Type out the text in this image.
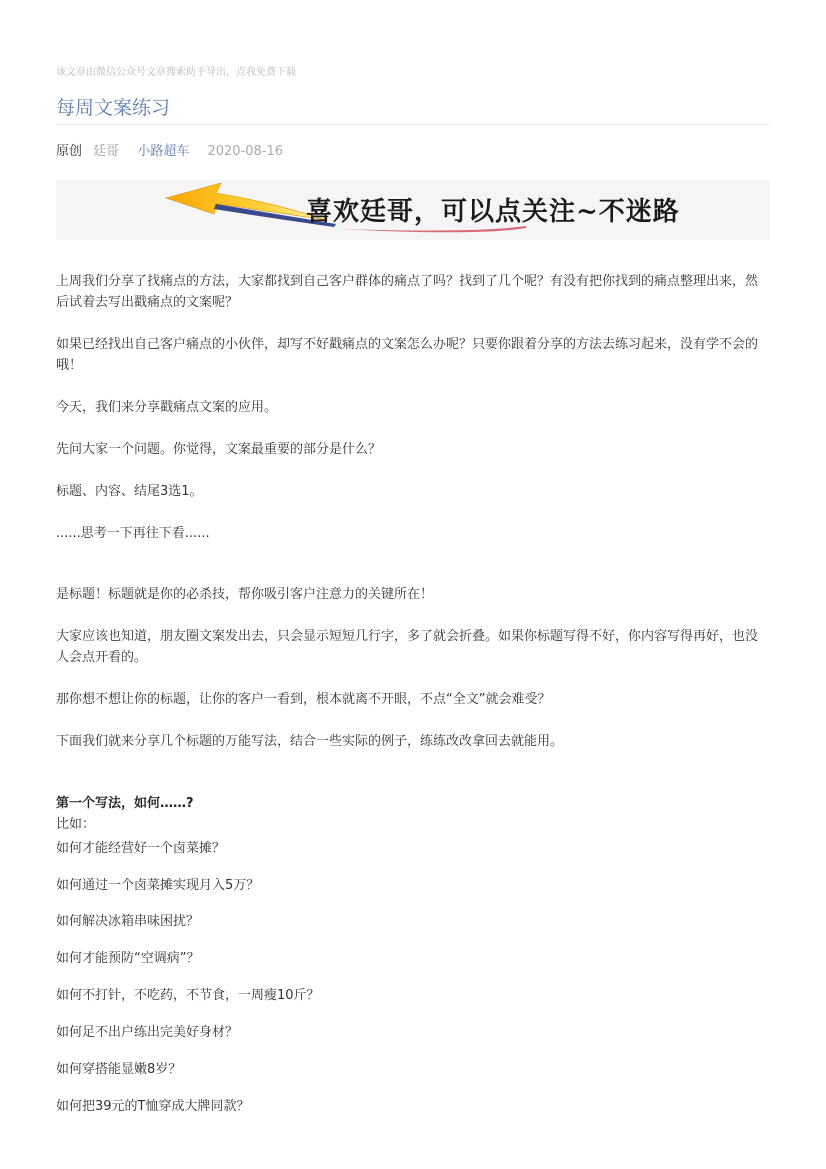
该文章由微信公众号文章搜索助手导出，点我免费下载
每周文案练习
原创 廷哥 小路超车 2020-08-16
喜欢廷哥，可以点关注~不迷路
上周我们分享了找痛点的方法，大家都找到自己客户群体的痛点了吗？找到了几个呢？有没有把你找到的痛点整理出来，然后试着去写出戳痛点的文案呢？
如果已经找出自己客户痛点的小伙伴，却写不好戳痛点的文案怎么办呢？只要你跟着分享的方法去练习起来，没有学不会的哦！
今天，我们来分享戳痛点文案的应用。
先问大家一个问题。你觉得，文案最重要的部分是什么？
标题、内容、结尾3选1。
......思考一下再往下看......
是标题！标题就是你的必杀技，帮你吸引客户注意力的关键所在！
大家应该也知道，朋友圈文案发出去，只会显示短短几行字，多了就会折叠。如果你标题写得不好，你内容写得再好，也没人会点开看的。
那你想不想让你的标题，让你的客户一看到，根本就离不开眼，不点“全文”就会难受？
下面我们就来分享几个标题的万能写法，结合一些实际的例子，练练改改拿回去就能用。
第一个写法，如何……?
比如：
如何才能经营好一个卤菜摊？
如何通过一个卤菜摊实现月入5万？
如何解决冰箱串味困扰？
如何才能预防“空调病”？
如何不打针，不吃药，不节食，一周瘦10斤？
如何足不出户练出完美好身材？
如何穿搭能显嫩8岁？
如何把39元的T恤穿成大牌同款？
